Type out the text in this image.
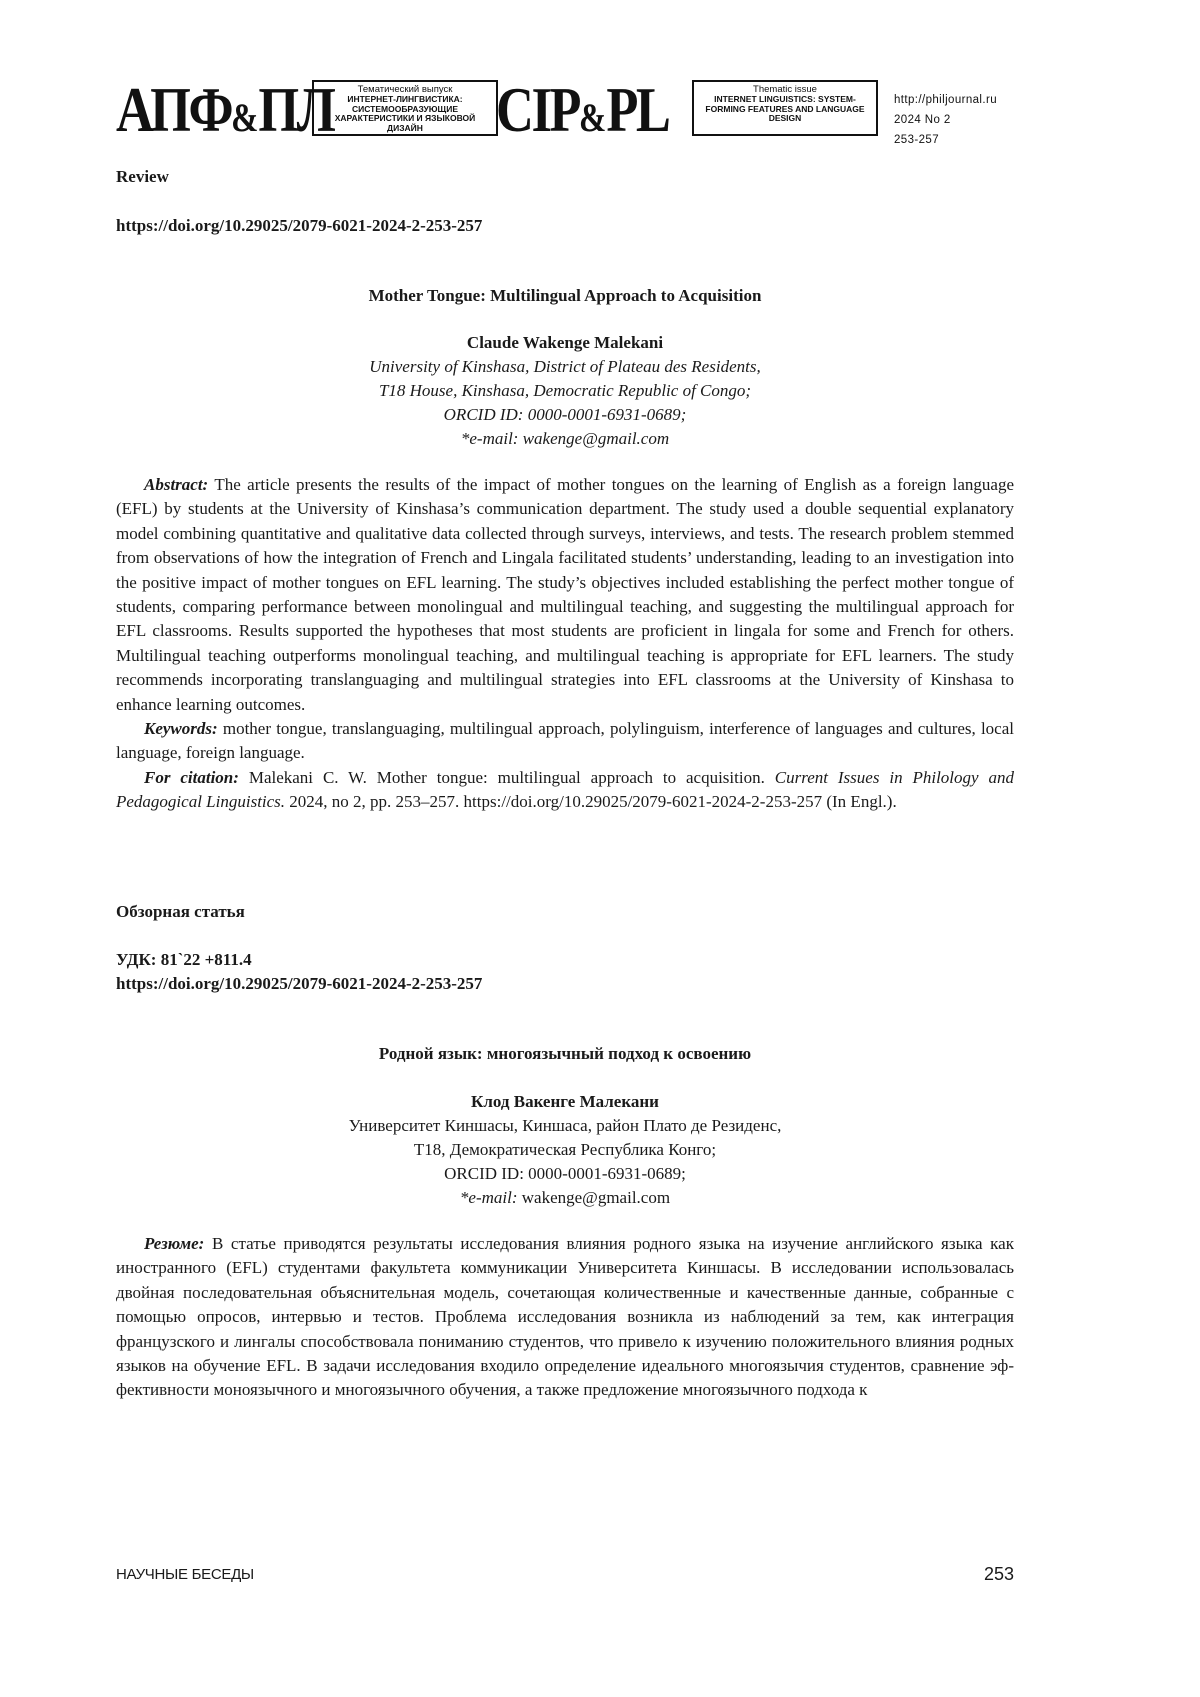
АПФ&ПЛ	Тематический выпуск
ИНТЕРНЕТ-ЛИНГВИСТИКА: СИСТЕМООБРАЗУЮЩИЕ ХАРАКТЕРИСТИКИ И ЯЗЫКОВОЙ ДИЗАЙН	CIP&PL	Thematic issue
INTERNET LINGUISTICS: SYSTEM-FORMING FEATURES AND LANGUAGE DESIGN
http://philjournal.ru
2024 No 2
253-257
Review
https://doi.org/10.29025/2079-6021-2024-2-253-257
Mother Tongue: Multilingual Approach to Acquisition
Claude Wakenge Malekani
University of Kinshasa, District of Plateau des Residents,
T18 House, Kinshasa, Democratic Republic of Congo;
ORCID ID: 0000-0001-6931-0689;
*e-mail: wakenge@gmail.com

Abstract: The article presents the results of the impact of mother tongues on the learning of English as a foreign language (EFL) by students at the University of Kinshasa’s communication department. The study used a double sequential explanatory model combining quantitative and qualitative data collected through surveys, interviews, and tests. The research problem stemmed from observations of how the integration of French and Lingala facilitated students’ understanding, leading to an investigation into the positive impact of mother tongues on EFL learning. The study’s objectives included establishing the perfect mother tongue of students, comparing performance between monolingual and multilingual teaching, and suggesting the multilingual approach for EFL classrooms. Results supported the hypotheses that most students are proficient in lingala for some and French for others. Multilingual teaching outperforms monolingual teaching, and multilingual teaching is appropriate for EFL learners. The study recommends incorporating translanguaging and multilingual strategies into EFL classrooms at the University of Kinshasa to enhance learning outcomes.

Keywords: mother tongue, translanguaging, multilingual approach, polylinguism, interference of languages and cultures, local language, foreign language.

For citation: Malekani C. W. Mother tongue: multilingual approach to acquisition. Current Issues in Philology and Pedagogical Linguistics. 2024, no 2, pp. 253–257. https://doi.org/10.29025/2079-6021-2024-2-253-257 (In Engl.).

Обзорная статья
УДК: 81`22 +811.4
https://doi.org/10.29025/2079-6021-2024-2-253-257
Родной язык: многоязычный подход к освоению
Клод Вакенге Малекани
Университет Киншасы, Киншаса, район Плато де Резиденс,
Т18, Демократическая Республика Конго;
ORCID ID: 0000-0001-6931-0689;
*e-mail: wakenge@gmail.com

Резюме: В статье приводятся результаты исследования влияния родного языка на изучение английского языка как иностранного (EFL) студентами факультета коммуникации Университета Киншасы. В исследовании использовалась двойная последовательная объяснительная модель, сочетающая количественные и качественные данные, собранные с помощью опросов, интервью и тестов. Проблема исследования возникла из наблюдений за тем, как интеграция французского и лингалы способствовала пониманию студентов, что привело к изучению положительного влияния родных языков на обучение EFL. В задачи исследования входило определение идеального многоязычия студентов, сравнение эффективности моноязычного и многоязычного обучения, а также предложение многоязычного подхода к

НАУЧНЫЕ БЕСЕДЫ	253
